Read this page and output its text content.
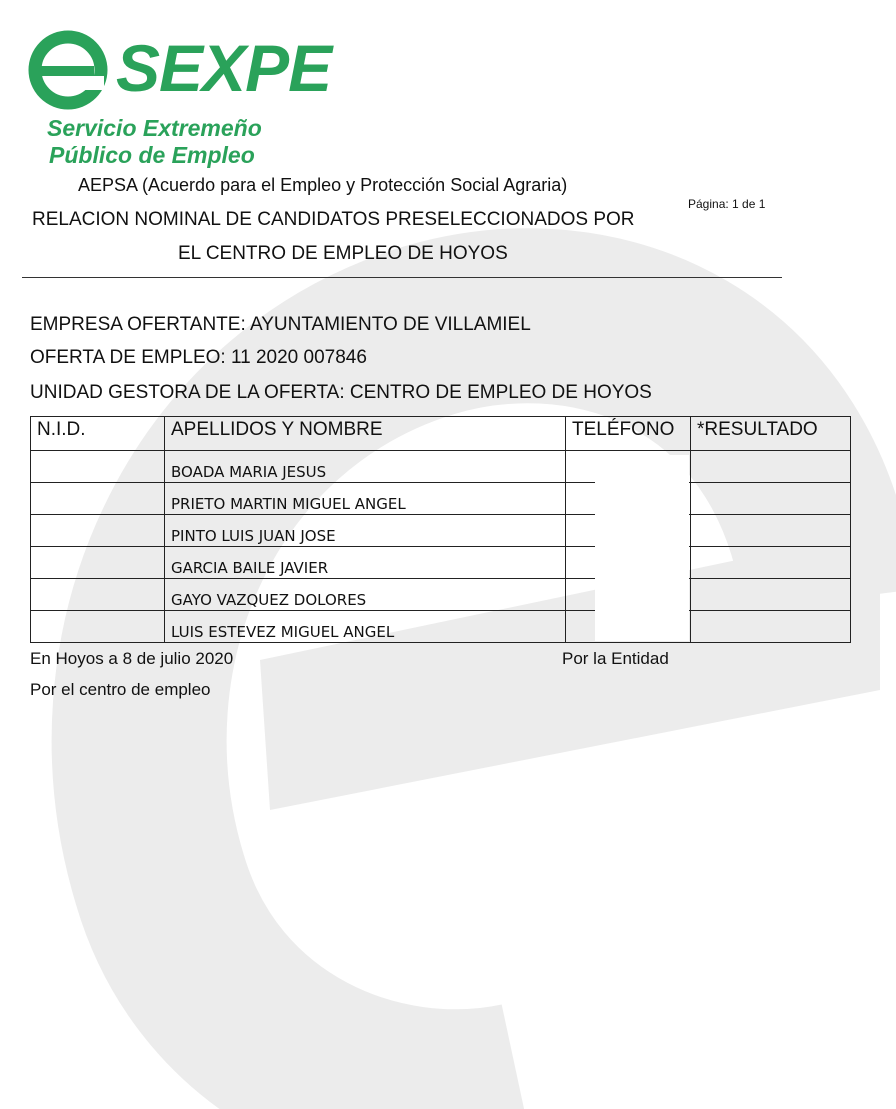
SEXPE
Servicio Extremeño
Público de Empleo
AEPSA (Acuerdo para el Empleo y Protección Social Agraria)
RELACION NOMINAL DE CANDIDATOS PRESELECCIONADOS POR
EL CENTRO DE EMPLEO DE HOYOS
Página: 1 de 1
EMPRESA OFERTANTE: AYUNTAMIENTO DE VILLAMIEL
OFERTA DE EMPLEO: 11 2020 007846
UNIDAD GESTORA DE LA OFERTA: CENTRO DE EMPLEO DE HOYOS
N.I.D.	APELLIDOS Y NOMBRE	TELÉFONO	*RESULTADO
	BOADA MARIA JESUS		
	PRIETO MARTIN MIGUEL ANGEL		
	PINTO LUIS JUAN JOSE		
	GARCIA BAILE JAVIER		
	GAYO VAZQUEZ DOLORES		
	LUIS ESTEVEZ MIGUEL ANGEL		
En Hoyos a 8 de julio 2020	Por la Entidad
Por el centro de empleo
